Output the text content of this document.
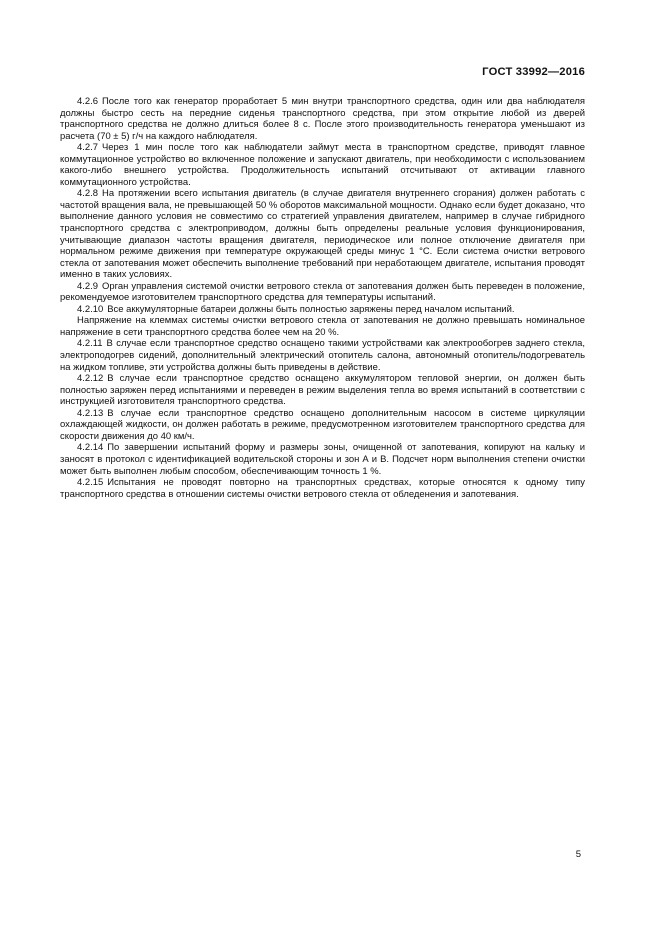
ГОСТ 33992—2016

4.2.6 После того как генератор проработает 5 мин внутри транспортного средства, один или два наблюдателя должны быстро сесть на передние сиденья транспортного средства, при этом открытие любой из дверей транспортного средства не должно длиться более 8 с. После этого производительность генератора уменьшают из расчета (70 ± 5) г/ч на каждого наблюдателя.

4.2.7 Через 1 мин после того как наблюдатели займут места в транспортном средстве, приводят главное коммутационное устройство во включенное положение и запускают двигатель, при необходимости с использованием какого-либо внешнего устройства. Продолжительность испытаний отсчитывают от активации главного коммутационного устройства.

4.2.8 На протяжении всего испытания двигатель (в случае двигателя внутреннего сгорания) должен работать с частотой вращения вала, не превышающей 50 % оборотов максимальной мощности. Однако если будет доказано, что выполнение данного условия не совместимо со стратегией управления двигателем, например в случае гибридного транспортного средства с электроприводом, должны быть определены реальные условия функционирования, учитывающие диапазон частоты вращения двигателя, периодическое или полное отключение двигателя при нормальном режиме движения при температуре окружающей среды минус 1 °С. Если система очистки ветрового стекла от запотевания может обеспечить выполнение требований при неработающем двигателе, испытания проводят именно в таких условиях.

4.2.9 Орган управления системой очистки ветрового стекла от запотевания должен быть переведен в положение, рекомендуемое изготовителем транспортного средства для температуры испытаний.

4.2.10 Все аккумуляторные батареи должны быть полностью заряжены перед началом испытаний.

Напряжение на клеммах системы очистки ветрового стекла от запотевания не должно превышать номинальное напряжение в сети транспортного средства более чем на 20 %.

4.2.11 В случае если транспортное средство оснащено такими устройствами как электрообогрев заднего стекла, электроподогрев сидений, дополнительный электрический отопитель салона, автономный отопитель/подогреватель на жидком топливе, эти устройства должны быть приведены в действие.

4.2.12 В случае если транспортное средство оснащено аккумулятором тепловой энергии, он должен быть полностью заряжен перед испытаниями и переведен в режим выделения тепла во время испытаний в соответствии с инструкцией изготовителя транспортного средства.

4.2.13 В случае если транспортное средство оснащено дополнительным насосом в системе циркуляции охлаждающей жидкости, он должен работать в режиме, предусмотренном изготовителем транспортного средства для скорости движения до 40 км/ч.

4.2.14 По завершении испытаний форму и размеры зоны, очищенной от запотевания, копируют на кальку и заносят в протокол с идентификацией водительской стороны и зон А и В. Подсчет норм выполнения степени очистки может быть выполнен любым способом, обеспечивающим точность 1 %.

4.2.15 Испытания не проводят повторно на транспортных средствах, которые относятся к одному типу транспортного средства в отношении системы очистки ветрового стекла от обледенения и запотевания.

5
